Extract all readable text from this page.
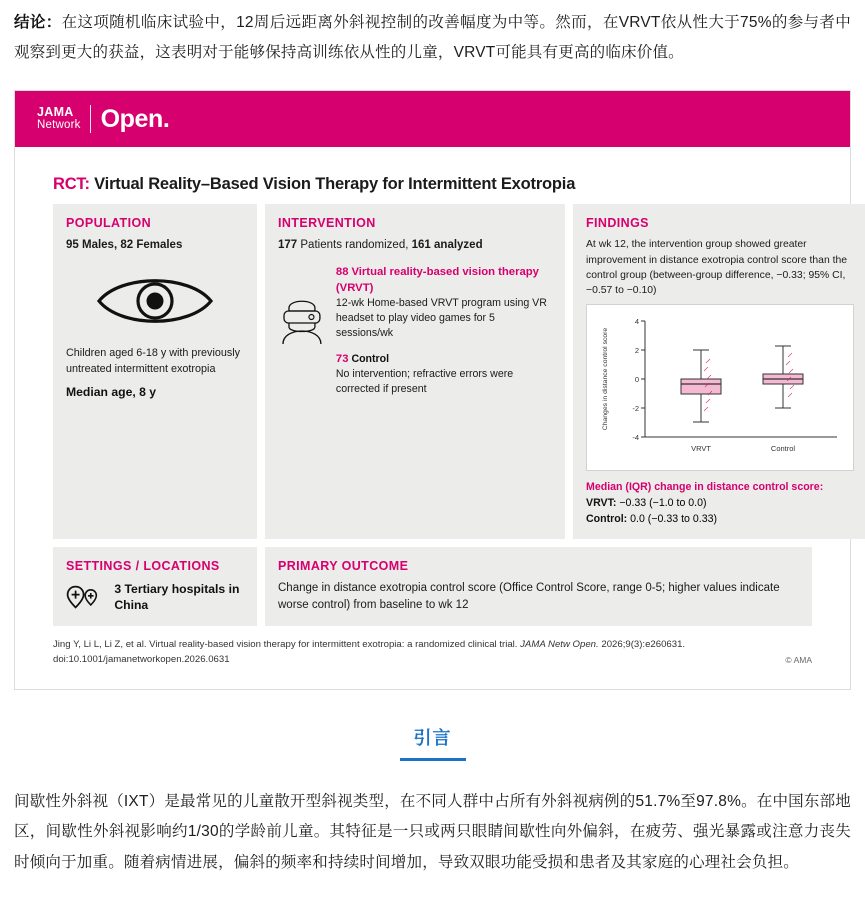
结论：在这项随机临床试验中，12周后远距离外斜视控制的改善幅度为中等。然而，在VRVT依从性大于75%的参与者中观察到更大的获益，这表明对于能够保持高训练依从性的儿童，VRVT可能具有更高的临床价值。
JAMA
Network Open.
RCT: Virtual Reality–Based Vision Therapy for Intermittent Exotropia
POPULATION
95 Males, 82 Females
Children aged 6-18 y with previously untreated intermittent exotropia
Median age, 8 y
INTERVENTION
177 Patients randomized, 161 analyzed
88 Virtual reality-based vision therapy (VRVT)
12-wk Home-based VRVT program using VR headset to play video games for 5 sessions/wk
73 Control
No intervention; refractive errors were corrected if present
FINDINGS
At wk 12, the intervention group showed greater improvement in distance exotropia control score than the control group (between-group difference, −0.33; 95% CI, −0.57 to −0.10)
4
2
0
-2
-4
Changes in distance control score
VRVT	Control
Median (IQR) change in distance control score:
VRVT: −0.33 (−1.0 to 0.0)
Control: 0.0 (−0.33 to 0.33)
SETTINGS / LOCATIONS
3 Tertiary hospitals in China
PRIMARY OUTCOME
Change in distance exotropia control score (Office Control Score, range 0-5; higher values indicate worse control) from baseline to wk 12
Jing Y, Li L, Li Z, et al. Virtual reality-based vision therapy for intermittent exotropia: a randomized clinical trial. JAMA Netw Open. 2026;9(3):e260631. doi:10.1001/jamanetworkopen.2026.0631	© AMA
引言
间歇性外斜视（IXT）是最常见的儿童散开型斜视类型，在不同人群中占所有外斜视病例的51.7%至97.8%。在中国东部地区，间歇性外斜视影响约1/30的学龄前儿童。其特征是一只或两只眼睛间歇性向外偏斜，在疲劳、强光暴露或注意力丧失时倾向于加重。随着病情进展，偏斜的频率和持续时间增加，导致双眼功能受损和患者及其家庭的心理社会负担。
